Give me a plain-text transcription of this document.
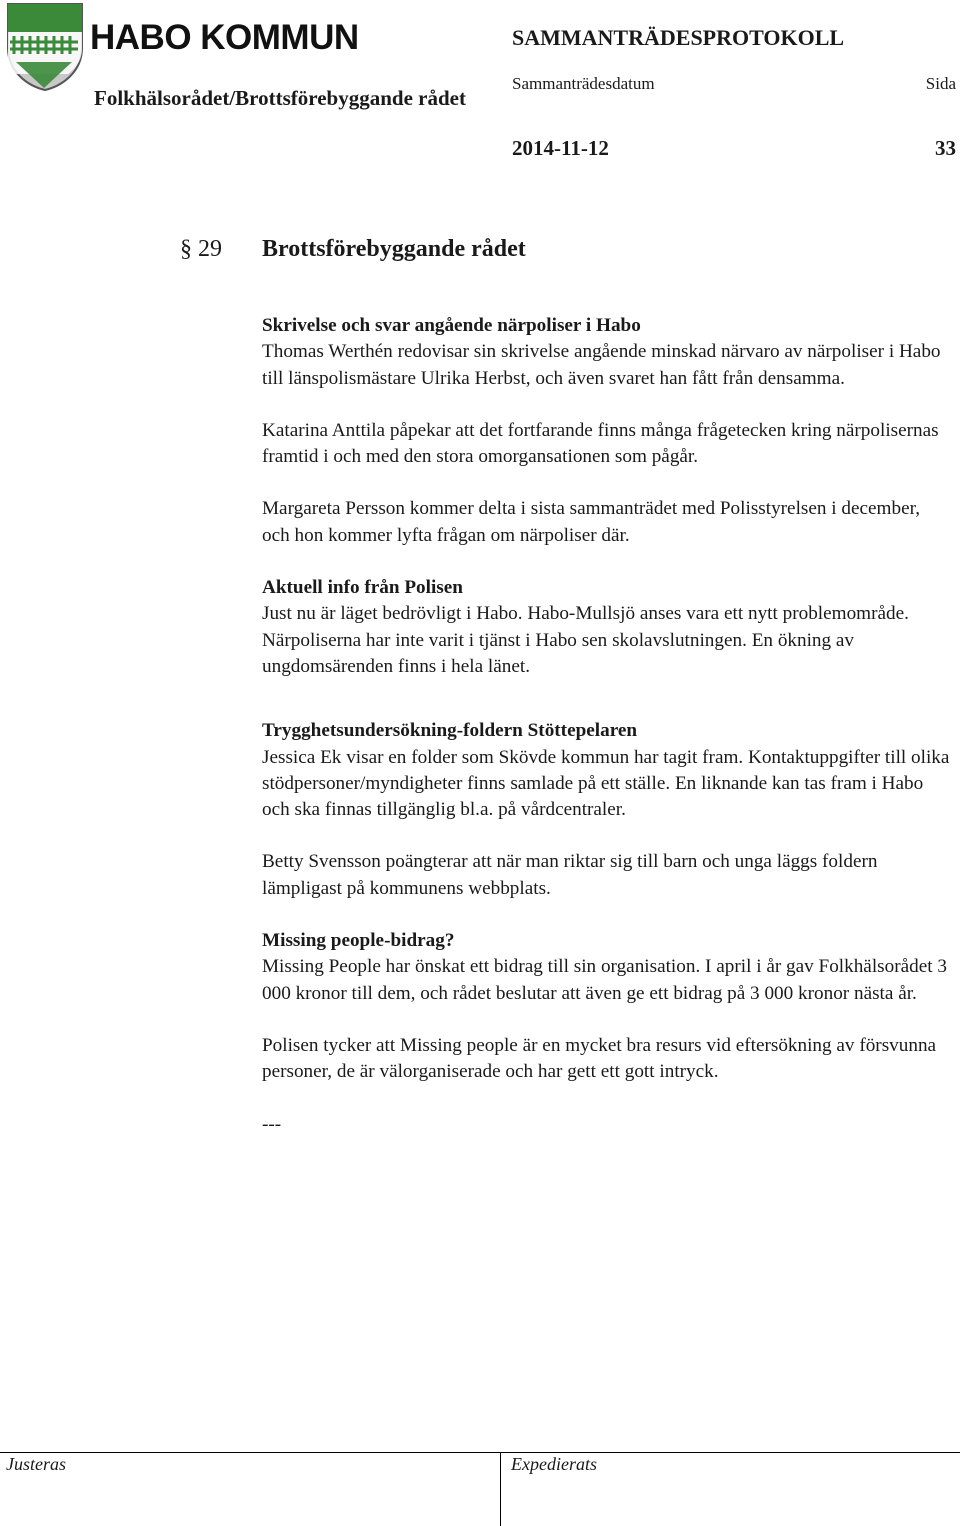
HABO KOMMUN
Folkhälsorådet/Brottsförebyggande rådet
SAMMANTRÄDESPROTOKOLL
Sammanträdesdatum	Sida
2014-11-12	33
§ 29 Brottsförebyggande rådet

Skrivelse och svar angående närpoliser i Habo

Thomas Werthén redovisar sin skrivelse angående minskad närvaro av närpoliser i Habo till länspolismästare Ulrika Herbst, och även svaret han fått från densamma.

Katarina Anttila påpekar att det fortfarande finns många frågetecken kring närpolisernas framtid i och med den stora omorgansationen som pågår.

Margareta Persson kommer delta i sista sammanträdet med Polisstyrelsen i december, och hon kommer lyfta frågan om närpoliser där.

Aktuell info från Polisen

Just nu är läget bedrövligt i Habo. Habo-Mullsjö anses vara ett nytt problemområde. Närpoliserna har inte varit i tjänst i Habo sen skolavslutningen. En ökning av ungdomsärenden finns i hela länet.

Trygghetsundersökning-foldern Stöttepelaren

Jessica Ek visar en folder som Skövde kommun har tagit fram. Kontaktuppgifter till olika stödpersoner/myndigheter finns samlade på ett ställe. En liknande kan tas fram i Habo och ska finnas tillgänglig bl.a. på vårdcentraler.

Betty Svensson poängterar att när man riktar sig till barn och unga läggs foldern lämpligast på kommunens webbplats.

Missing people-bidrag?

Missing People har önskat ett bidrag till sin organisation. I april i år gav Folkhälsorådet 3 000 kronor till dem, och rådet beslutar att även ge ett bidrag på 3 000 kronor nästa år.

Polisen tycker att Missing people är en mycket bra resurs vid eftersökning av försvunna personer, de är välorganiserade och har gett ett gott intryck.

---

Justeras	Expedierats
